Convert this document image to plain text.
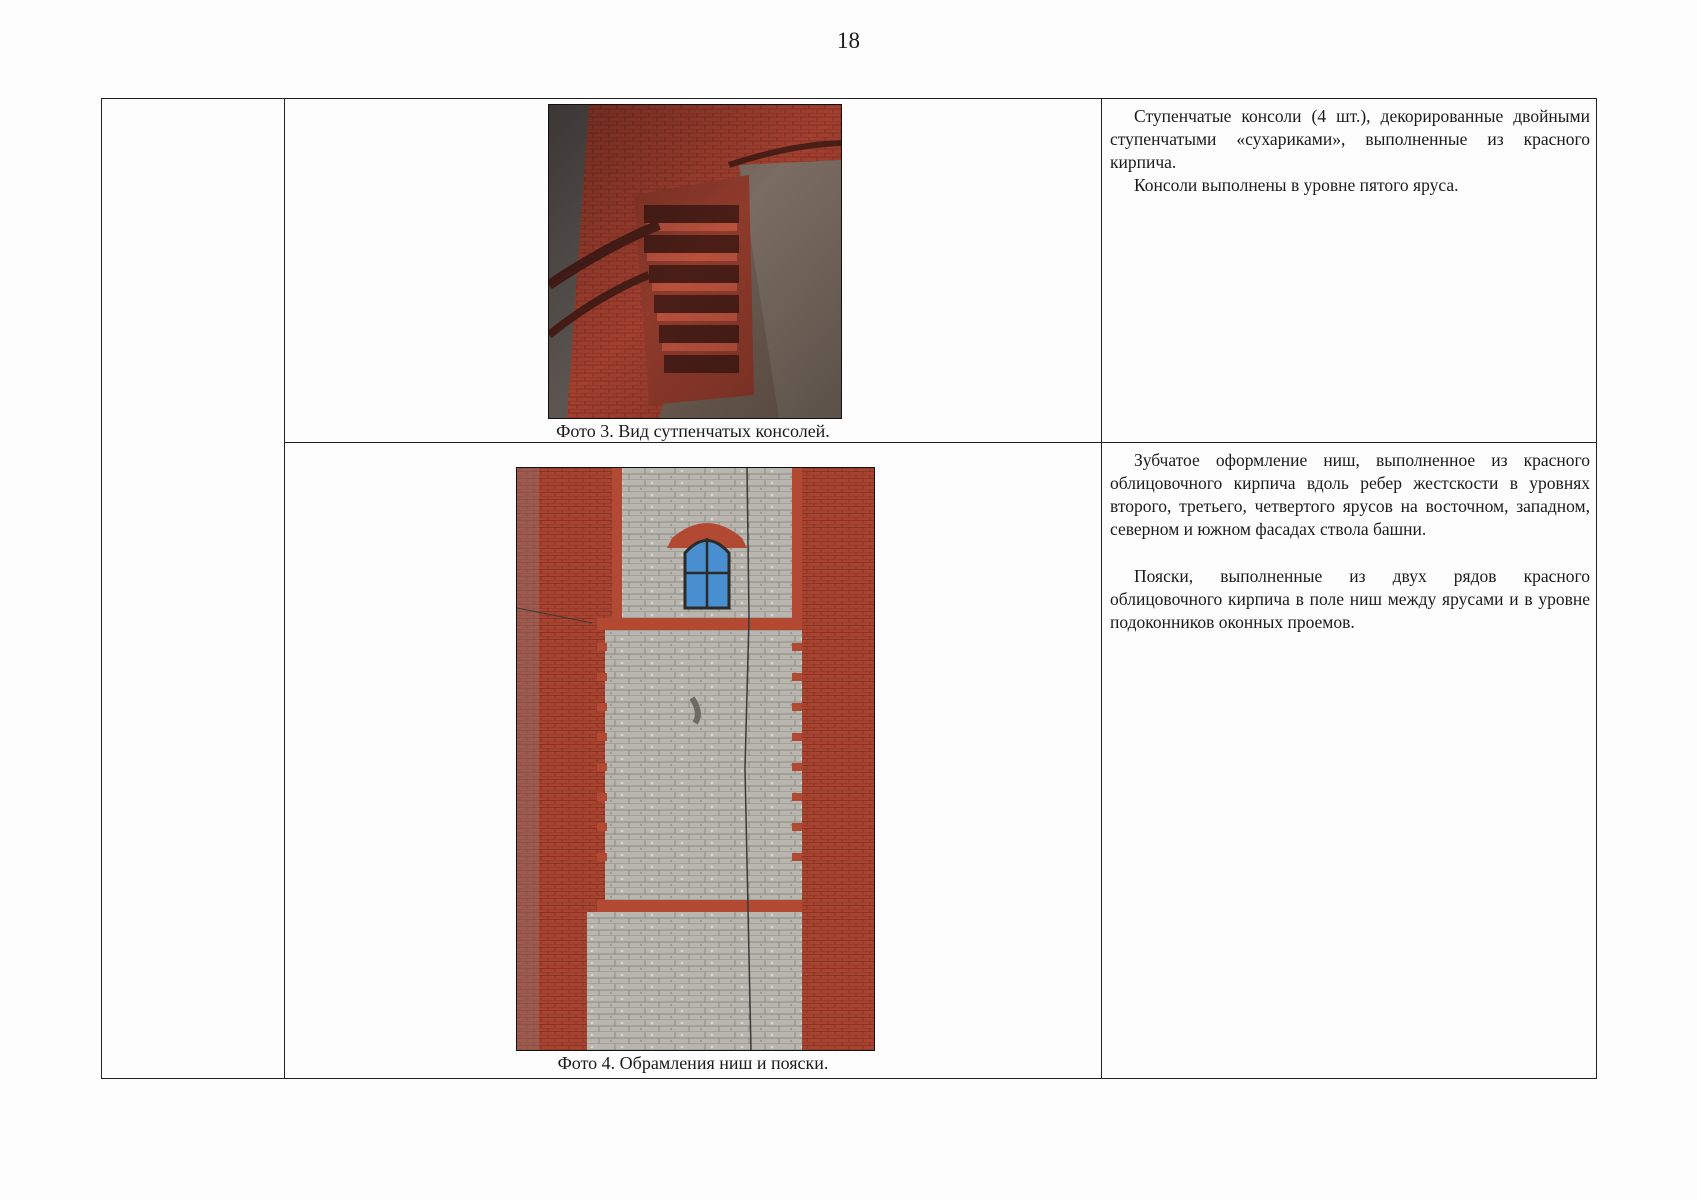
18

	Фото 3. Вид сутпенчатых консолей.	Ступенчатые консоли (4 шт.), декорированные двойными ступенчатыми «сухариками», выполненные из красного кирпича.

Консоли выполнены в уровне пятого яруса.

	Фото 4. Обрамления ниш и пояски.	Зубчатое оформление ниш, выполненное из красного облицовочного кирпича вдоль ребер жестскости в уровнях второго, третьего, четвертого ярусов на восточном, западном, северном и южном фасадах ствола башни.

Пояски, выполненные из двух рядов красного облицовочного кирпича в поле ниш между ярусами и в уровне подоконников оконных проемов.
